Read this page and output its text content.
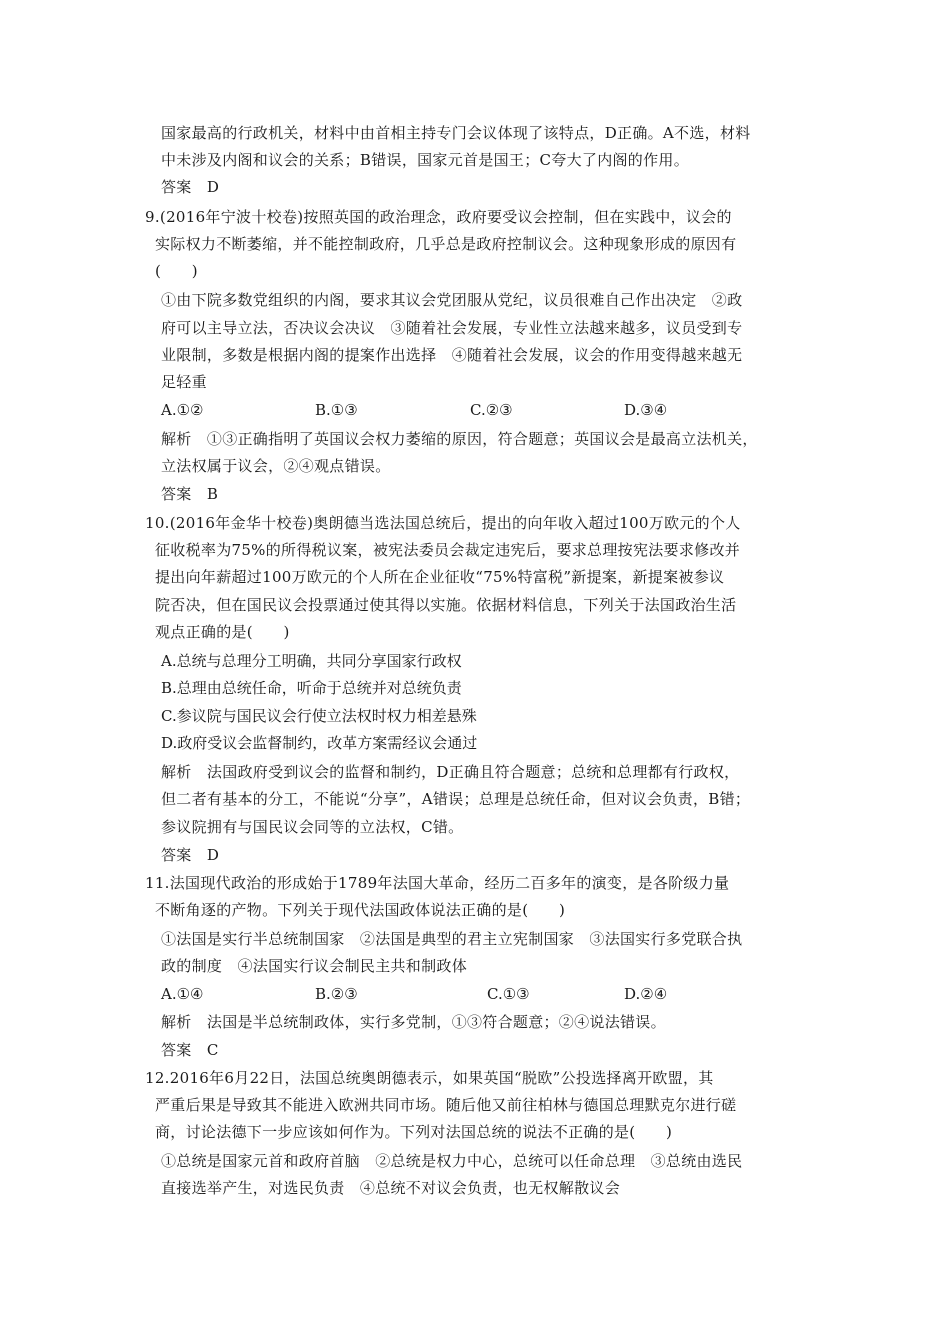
国家最高的行政机关，材料中由首相主持专门会议体现了该特点，D正确。A不选，材料
中未涉及内阁和议会的关系；B错误，国家元首是国王；C夸大了内阁的作用。
答案　D
9.(2016年宁波十校卷)按照英国的政治理念，政府要受议会控制，但在实践中，议会的
实际权力不断萎缩，并不能控制政府，几乎总是政府控制议会。这种现象形成的原因有
(　　)
①由下院多数党组织的内阁，要求其议会党团服从党纪，议员很难自己作出决定　②政
府可以主导立法，否决议会决议　③随着社会发展，专业性立法越来越多，议员受到专
业限制，多数是根据内阁的提案作出选择　④随着社会发展，议会的作用变得越来越无
足轻重
A.①②	B.①③	C.②③	D.③④
解析　①③正确指明了英国议会权力萎缩的原因，符合题意；英国议会是最高立法机关，
立法权属于议会，②④观点错误。
答案　B
10.(2016年金华十校卷)奥朗德当选法国总统后，提出的向年收入超过100万欧元的个人
征收税率为75%的所得税议案，被宪法委员会裁定违宪后，要求总理按宪法要求修改并
提出向年薪超过100万欧元的个人所在企业征收“75%特富税”新提案，新提案被参议
院否决，但在国民议会投票通过使其得以实施。依据材料信息，下列关于法国政治生活
观点正确的是(　　)
A.总统与总理分工明确，共同分享国家行政权
B.总理由总统任命，听命于总统并对总统负责
C.参议院与国民议会行使立法权时权力相差悬殊
D.政府受议会监督制约，改革方案需经议会通过
解析　法国政府受到议会的监督和制约，D正确且符合题意；总统和总理都有行政权，
但二者有基本的分工，不能说“分享”，A错误；总理是总统任命，但对议会负责，B错；
参议院拥有与国民议会同等的立法权，C错。
答案　D
11.法国现代政治的形成始于1789年法国大革命，经历二百多年的演变，是各阶级力量
不断角逐的产物。下列关于现代法国政体说法正确的是(　　)
①法国是实行半总统制国家　②法国是典型的君主立宪制国家　③法国实行多党联合执
政的制度　④法国实行议会制民主共和制政体
A.①④	B.②③	C.①③	D.②④
解析　法国是半总统制政体，实行多党制，①③符合题意；②④说法错误。
答案　C
12.2016年6月22日，法国总统奥朗德表示，如果英国“脱欧”公投选择离开欧盟，其
严重后果是导致其不能进入欧洲共同市场。随后他又前往柏林与德国总理默克尔进行磋
商，讨论法德下一步应该如何作为。下列对法国总统的说法不正确的是(　　)
①总统是国家元首和政府首脑　②总统是权力中心，总统可以任命总理　③总统由选民
直接选举产生，对选民负责　④总统不对议会负责，也无权解散议会
